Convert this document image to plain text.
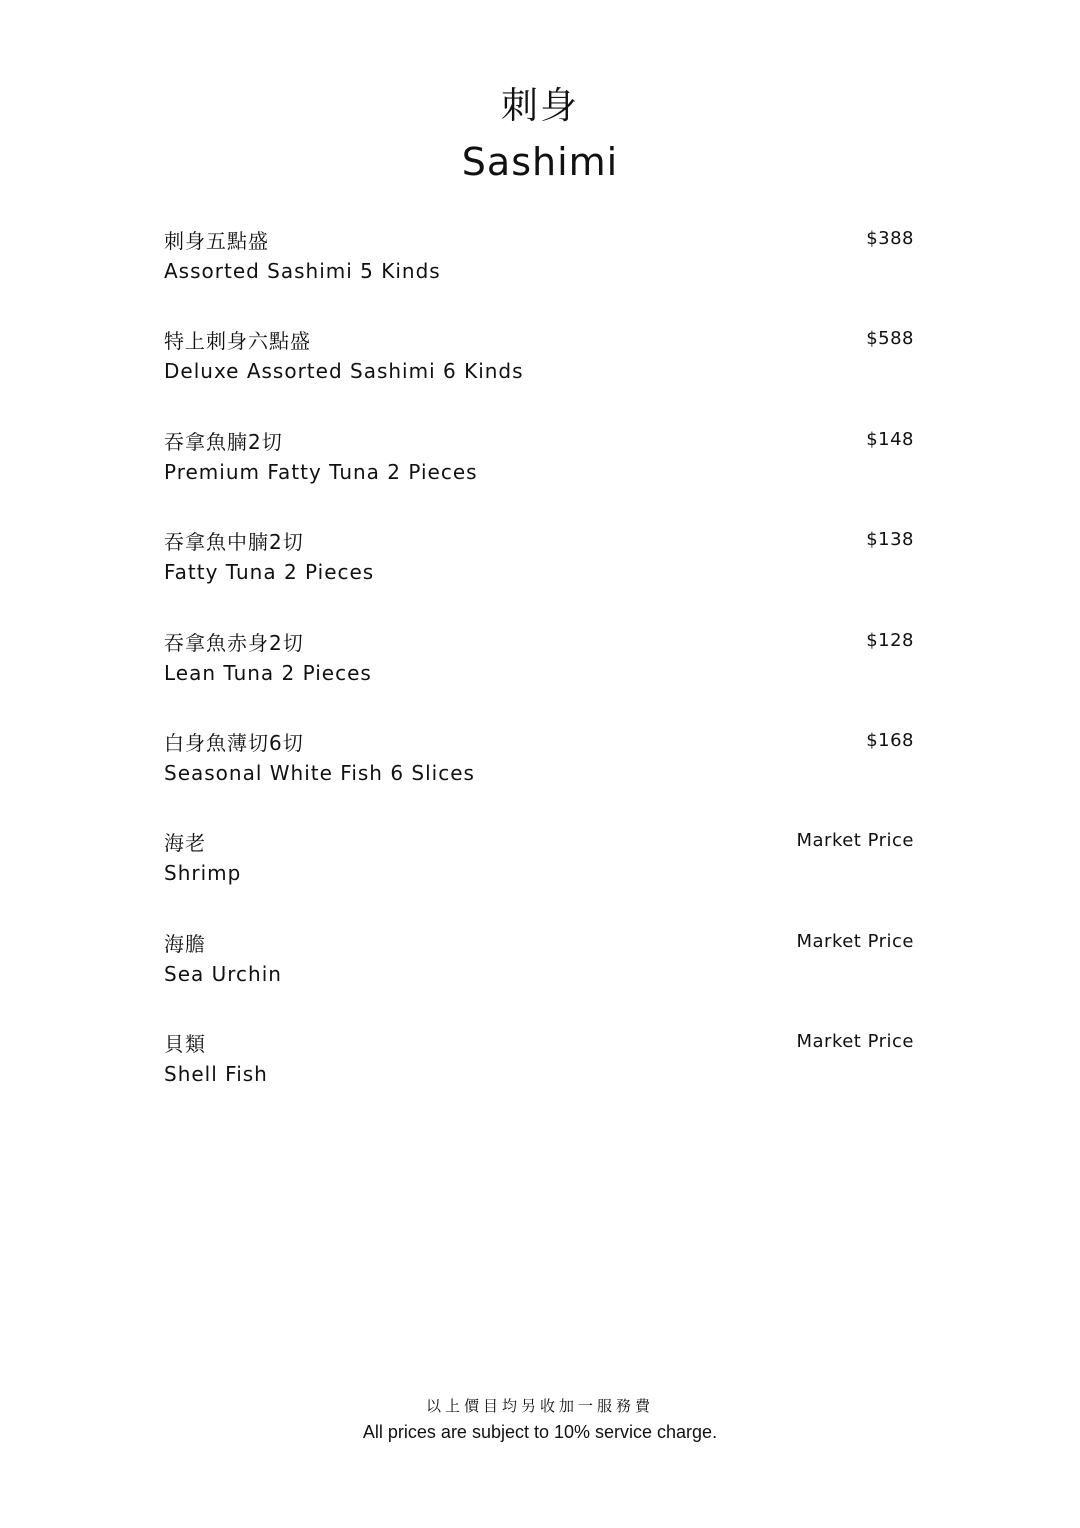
刺身
Sashimi
刺身五點盛
Assorted Sashimi 5 Kinds
$388
特上刺身六點盛
Deluxe Assorted Sashimi 6 Kinds
$588
吞拿魚腩2切
Premium Fatty Tuna 2 Pieces
$148
吞拿魚中腩2切
Fatty Tuna 2 Pieces
$138
吞拿魚赤身2切
Lean Tuna 2 Pieces
$128
白身魚薄切6切
Seasonal White Fish 6 Slices
$168
海老
Shrimp
Market Price
海膽
Sea Urchin
Market Price
貝類
Shell Fish
Market Price
以上價目均另收加一服務費
All prices are subject to 10% service charge.
